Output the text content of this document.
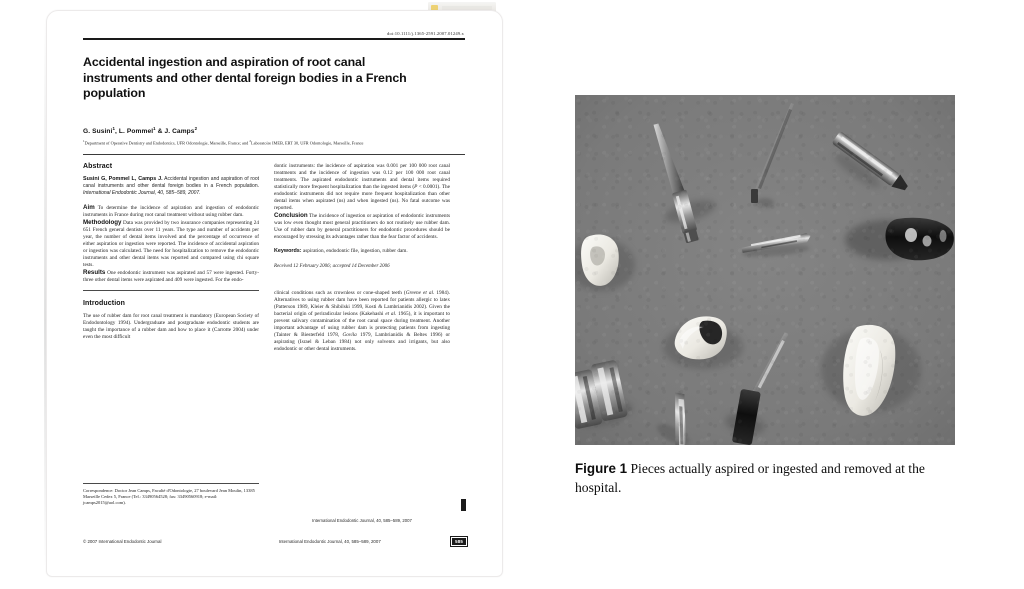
doi:10.1111/j.1365-2591.2007.01249.x
Accidental ingestion and aspiration of root canal instruments and other dental foreign bodies in a French population
G. Susini$^1$, L. Pommel$^1$ & J. Camps$^2$
$^1$Department of Operative Dentistry and Endodontics, UFR Odontologie, Marseille, France; and $^2$Laboratoire IMEB, ERT 30, UFR Odontologie, Marseille, France
Abstract

Susini G, Pommel L, Camps J. Accidental ingestion and aspiration of root canal instruments and other dental foreign bodies in a French population. International Endodontic Journal, 40, 585–589, 2007.

Aim To determine the incidence of aspiration and ingestion of endodontic instruments in France during root canal treatment without using rubber dam.

Methodology Data was provided by two insurance companies representing 24 651 French general dentists over 11 years. The type and number of accidents per year, the number of dental items involved and the percentage of occurrence of either aspiration or ingestion were reported. The incidence of accidental aspiration or ingestion was calculated. The need for hospitalization to remove the endodontic instruments and other dental items was reported and compared using chi square tests.

Results One endodontic instrument was aspirated and 57 were ingested. Forty-three other dental items were aspirated and 409 were ingested. For the endo-

Introduction

The use of rubber dam for root canal treatment is mandatory (European Society of Endodontology 1994). Undergraduate and postgraduate endodontic students are taught the importance of a rubber dam and how to place it (Carrotte 2004) under even the most difficult

dontic instruments: the incidence of aspiration was 0.001 per 100 000 root canal treatments and the incidence of ingestion was 0.12 per 100 000 root canal treatments. The aspirated endodontic instruments and dental items required statistically more frequent hospitalization than the ingested items (P < 0.0001). The endodontic instruments did not require more frequent hospitalization than other dental items when aspirated (ns) and when ingested (ns). No fatal outcome was reported.

Conclusion The incidence of ingestion or aspiration of endodontic instruments was low even thought most general practitioners do not routinely use rubber dam. Use of rubber dam by general practitioners for endodontic procedures should be encouraged by stressing its advantages rather than the fear factor of accidents.

Keywords: aspiration, endodontic file, ingestion, rubber dam.

Received 12 February 2006; accepted 14 December 2006

clinical conditions such as crownless or cone-shaped teeth (Greene et al. 1984). Alternatives to using rubber dam have been reported for patients allergic to latex (Patterson 1989, Kleier & Shibilski 1999, Kosti & Lambrianidis 2002). Given the bacterial origin of periradicular lesions (Kakehashi et al. 1965), it is important to prevent salivary contamination of the root canal space during treatment. Another important advantage of using rubber dam is protecting patients from ingesting (Tainter & Biesterfeld 1978, Govila 1979, Lambrianidis & Beltes 1996) or aspirating (Israel & Leban 1984) not only solvents and irrigants, but also endodontic or other dental instruments.

Correspondence: Doctor Jean Camps, Faculté d'Odontologie, 27 boulevard Jean Moulin, 13385 Marseille Cedex 5, France (Tel.: 33490564528; fax: 33490560918; e-mail: jcamps2015@aol.com).
International Endodontic Journal, 40, 585–589, 2007
© 2007 International Endodontic Journal	International Endodontic Journal, 40, 585–589, 2007	585
Figure 1 Pieces actually aspired or ingested and removed at the hospital.
